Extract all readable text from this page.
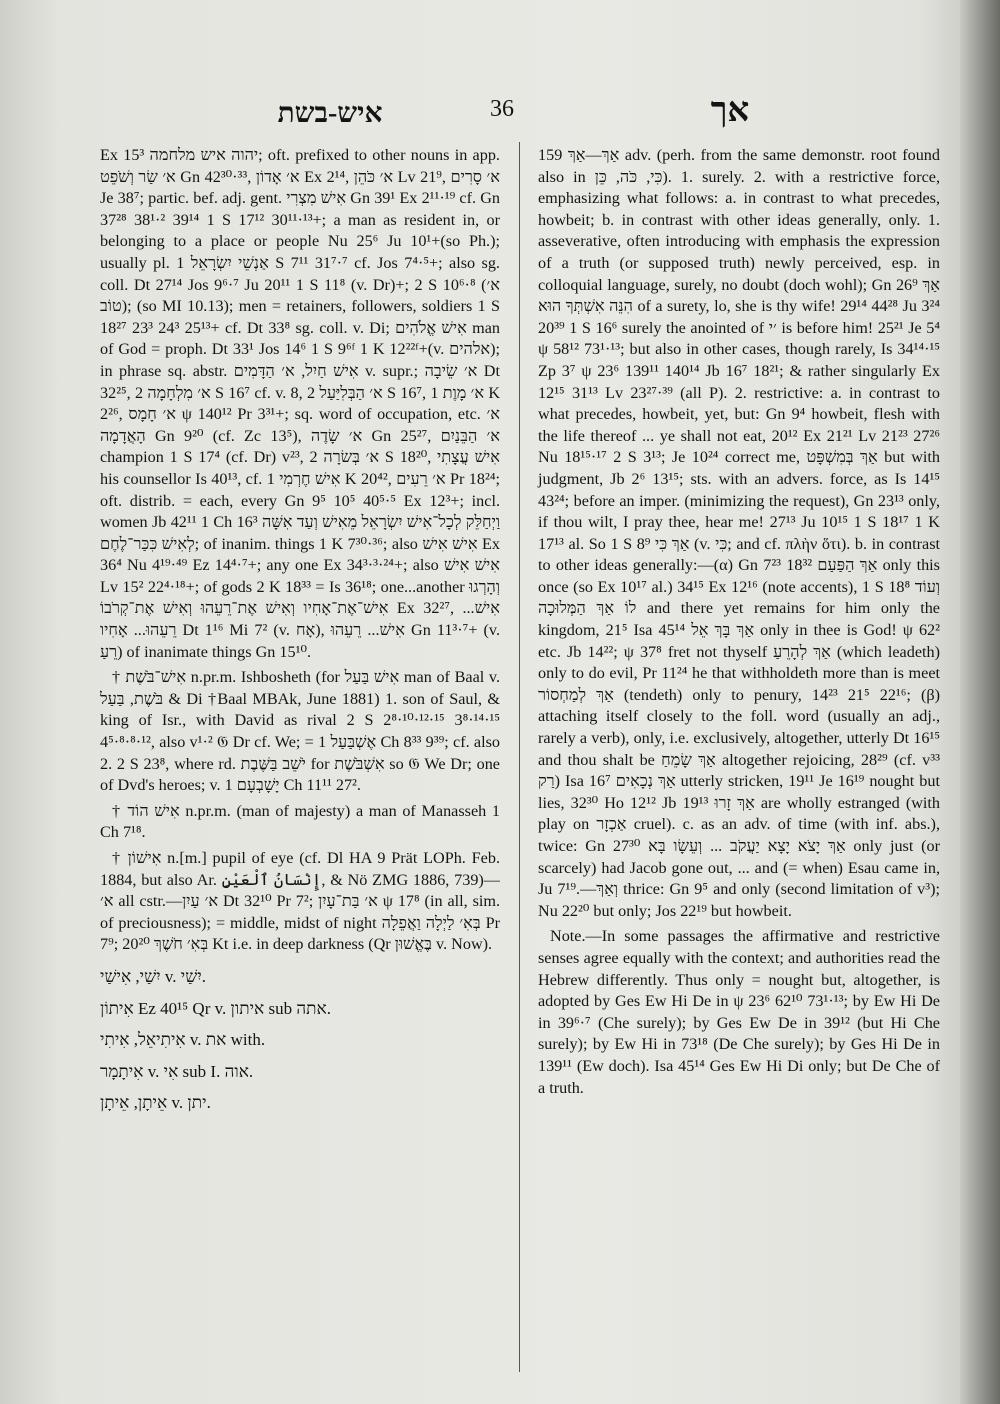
איש-בשת	36	אך

Ex 15³ יהוה איש מלחמה; oft. prefixed to other nouns in app. א׳ שַׂר וְשֹׁפֵט Gn 42³⁰·³³, א׳ אָדוֹן Ex 2¹⁴, א׳ כֹּהֵן Lv 21⁹, א׳ סָרִים Je 38⁷; partic. bef. adj. gent. אִישׁ מִצְרִי Gn 39¹ Ex 2¹¹·¹⁹ cf. Gn 37²⁸ 38¹·² 39¹⁴ 1 S 17¹² 30¹¹·¹³+; a man as resident in, or belonging to a place or people Nu 25⁶ Ju 10¹+(so Ph.); usually pl. אַנְשֵׁי יִשְׂרָאֵל 1 S 7¹¹ 31⁷·⁷ cf. Jos 7⁴·⁵+; also sg. coll. Dt 27¹⁴ Jos 9⁶·⁷ Ju 20¹¹ 1 S 11⁸ (v. Dr)+; 2 S 10⁶·⁸ (א׳ טוֹב); (so MI 10.13); men = retainers, followers, soldiers 1 S 18²⁷ 23³ 24³ 25¹³+ cf. Dt 33⁸ sg. coll. v. Di; אִישׁ אֱלֹהִים man of God = proph. Dt 33¹ Jos 14⁶ 1 S 9⁶ᶠ 1 K 12²²ᶠ+(v. אלהים); in phrase sq. abstr. אִישׁ חַיִל, א׳ הַדָּמִים v. supr.; א׳ שֵׂיבָה Dt 32²⁵, א׳ מִלְחָמָה 2 S 16⁷ cf. v. 8, א׳ הַבְּלִיַּעַל 2 S 16⁷, א׳ מָוֶת 1 K 2²⁶, א׳ חָמָס ψ 140¹² Pr 3³¹+; sq. word of occupation, etc. א׳ הָאֲדָמָה Gn 9²⁰ (cf. Zc 13⁵), א׳ שָׂדֶה Gn 25²⁷, א׳ הַבֵּנַיִם champion 1 S 17⁴ (cf. Dr) v²³, א׳ בְּשׂרָה 2 S 18²⁰, אִישׁ עֲצָתִי his counsellor Is 40¹³, cf. אִישׁ חֶרְמִי 1 K 20⁴², א׳ רֵעִים Pr 18²⁴; oft. distrib. = each, every Gn 9⁵ 10⁵ 40⁵·⁵ Ex 12³+; incl. women Jb 42¹¹ 1 Ch 16³ וַיְחַלֵּק לְכָל־אִישׁ יִשְׂרָאֵל מֵאִישׁ וְעַד אִשָּׁה לְאִישׁ כִּכַּר־לֶחֶם; of inanim. things 1 K 7³⁰·³⁶; also אִישׁ אִישׁ Ex 36⁴ Nu 4¹⁹·⁴⁹ Ez 14⁴·⁷+; any one Ex 34³·³·²⁴+; also אִישׁ אִישׁ Lv 15² 22⁴·¹⁸+; of gods 2 K 18³³ = Is 36¹⁸; one...another וְהָרְגוּ אִישׁ־אֶת־אָחִיו וְאִישׁ אֶת־רֵעֵהוּ וְאִישׁ אֶת־קְרֹבוֹ Ex 32²⁷, אִישׁ... רֵעֵהוּ... אָחִיו Dt 1¹⁶ Mi 7² (v. אָח), אִישׁ... רֵעֵהוּ Gn 11³·⁷+ (v. רֵעַ) of inanimate things Gn 15¹⁰.

† אִישׁ־בֹּשֶׁת n.pr.m. Ishbosheth (for אִישׁ בַּעַל man of Baal v. בֹּשֶׁת, בַּעַל & Di †Baal MBAk, June 1881) 1. son of Saul, & king of Isr., with David as rival 2 S 2⁸·¹⁰·¹²·¹⁵ 3⁸·¹⁴·¹⁵ 4⁵·⁸·⁸·¹², also v¹·² 𝔊 Dr cf. We; = אֶשְׁבַּעַל 1 Ch 8³³ 9³⁹; cf. also 2. 2 S 23⁸, where rd. יֹשֵׁב בַּשֶּׁבֶת for אִשְׁבֹּשֶׁת so 𝔊 We Dr; one of Dvd's heroes; v. יָשָׁבְעָם 1 Ch 11¹¹ 27².

† אִישׁ הוֹד n.pr.m. (man of majesty) a man of Manasseh 1 Ch 7¹⁸.

† אִישׁוֹן n.[m.] pupil of eye (cf. Dl HA 9 Prät LOPh. Feb. 1884, but also Ar. إِنْسَانُ ٱلْعَيْنِ, & Nö ZMG 1886, 739)—א׳ all cstr.—א׳ עַיִן Dt 32¹⁰ Pr 7²; א׳ בַּת־עָיִן ψ 17⁸ (in all, sim. of preciousness); = middle, midst of night בְּאִ׳ לַיְלָה וַאֲפֵלָה Pr 7⁹; בְּאִ׳ חֹשֶׁךְ 20²⁰ Kt i.e. in deep darkness (Qr בֶּאֱשׁוּן v. Now).

יִשַׁי, אִישַׁי v. יִשַׁי.

אִיתוֹן Ez 40¹⁵ Qr v. איתון sub אתה.

אִיתִיאֵל, אִיתִי v. את with.

אִיתָמָר v. אִי sub I. אוה.

אֵיתָן, אֵיתָן v. יתן.

אַךְ—אַךְ 159 adv. (perh. from the same demonstr. root found also in כִּי, כֹּה, כֵּן). 1. surely. 2. with a restrictive force, emphasizing what follows: a. in contrast to what precedes, howbeit; b. in contrast with other ideas generally, only. 1. asseverative, often introducing with emphasis the expression of a truth (or supposed truth) newly perceived, esp. in colloquial language, surely, no doubt (doch wohl); Gn 26⁹ אַךְ הִנֵּה אִשְׁתְּךָ הוּא of a surety, lo, she is thy wife! 29¹⁴ 44²⁸ Ju 3²⁴ 20³⁹ 1 S 16⁶ surely the anointed of ׳י is before him! 25²¹ Je 5⁴ ψ 58¹² 73¹·¹³; but also in other cases, though rarely, Is 34¹⁴·¹⁵ Zp 3⁷ ψ 23⁶ 139¹¹ 140¹⁴ Jb 16⁷ 18²¹; & rather singularly Ex 12¹⁵ 31¹³ Lv 23²⁷·³⁹ (all P). 2. restrictive: a. in contrast to what precedes, howbeit, yet, but: Gn 9⁴ howbeit, flesh with the life thereof ... ye shall not eat, 20¹² Ex 21²¹ Lv 21²³ 27²⁶ Nu 18¹⁵·¹⁷ 2 S 3¹³; Je 10²⁴ correct me, אַךְ בְּמִשְׁפָּט but with judgment, Jb 2⁶ 13¹⁵; sts. with an advers. force, as Is 14¹⁵ 43²⁴; before an imper. (minimizing the request), Gn 23¹³ only, if thou wilt, I pray thee, hear me! 27¹³ Ju 10¹⁵ 1 S 18¹⁷ 1 K 17¹³ al. So 1 S 8⁹ אַךְ כִּי (v. כִּי; and cf. πλὴν ὅτι). b. in contrast to other ideas generally:—(α) Gn 7²³ 18³² אַךְ הַפַּעַם only this once (so Ex 10¹⁷ al.) 34¹⁵ Ex 12¹⁶ (note accents), 1 S 18⁸ וְעוֹד לוֹ אַךְ הַמְּלוּכָה and there yet remains for him only the kingdom, 21⁵ Isa 45¹⁴ אַךְ בָּךְ אֵל only in thee is God! ψ 62² etc. Jb 14²²; ψ 37⁸ fret not thyself אַךְ לְהָרֵעַ (which leadeth) only to do evil, Pr 11²⁴ he that withholdeth more than is meet אַךְ לְמַחְסוֹר (tendeth) only to penury, 14²³ 21⁵ 22¹⁶; (β) attaching itself closely to the foll. word (usually an adj., rarely a verb), only, i.e. exclusively, altogether, utterly Dt 16¹⁵ and thou shalt be אַךְ שָׂמֵחַ altogether rejoicing, 28²⁹ (cf. v³³ רַק) Isa 16⁷ אַךְ נְכָאִים utterly stricken, 19¹¹ Je 16¹⁹ nought but lies, 32³⁰ Ho 12¹² Jb 19¹³ אַךְ זָרוּ are wholly estranged (with play on אַכְזָר cruel). c. as an adv. of time (with inf. abs.), twice: Gn 27³⁰ אַךְ יָצֹא יָצָא יַעֲקֹב ... וְעֵשָׂו בָּא only just (or scarcely) had Jacob gone out, ... and (= when) Esau came in, Ju 7¹⁹.—וְאַךְ thrice: Gn 9⁵ and only (second limitation of v³); Nu 22²⁰ but only; Jos 22¹⁹ but howbeit.

Note.—In some passages the affirmative and restrictive senses agree equally with the context; and authorities read the Hebrew differently. Thus only = nought but, altogether, is adopted by Ges Ew Hi De in ψ 23⁶ 62¹⁰ 73¹·¹³; by Ew Hi De in 39⁶·⁷ (Che surely); by Ges Ew De in 39¹² (but Hi Che surely); by Ew Hi in 73¹⁸ (De Che surely); by Ges Hi De in 139¹¹ (Ew doch). Isa 45¹⁴ Ges Ew Hi Di only; but De Che of a truth.
